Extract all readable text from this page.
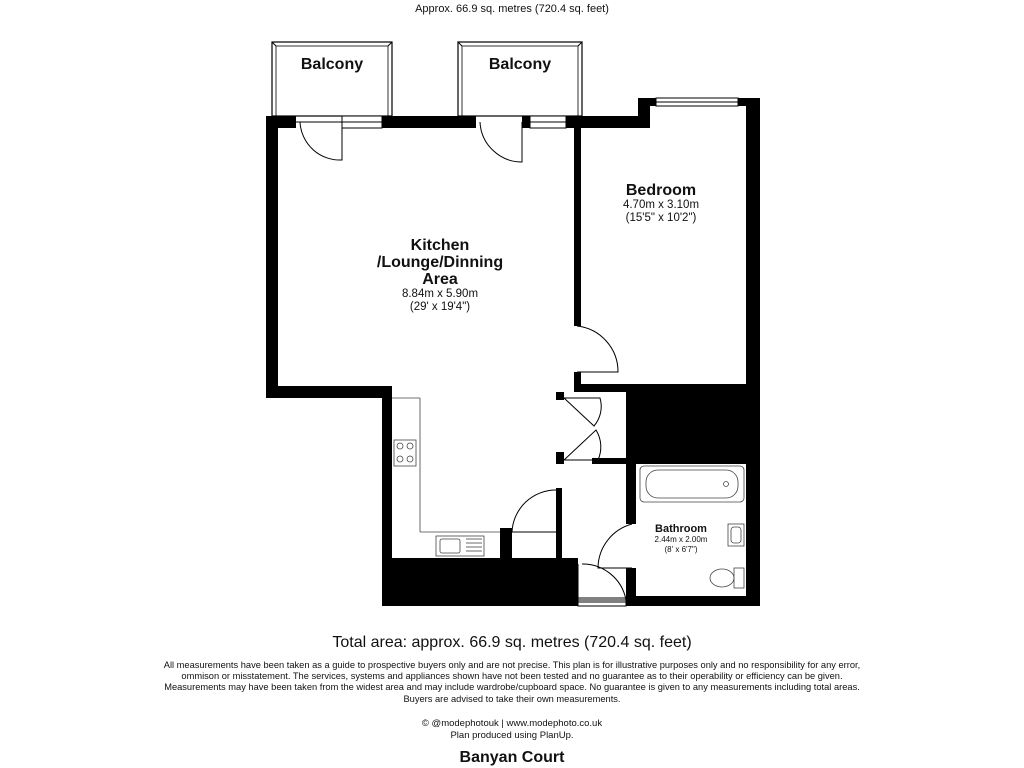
Approx. 66.9 sq. metres (720.4 sq. feet)
Balcony	Balcony
Kitchen
/Lounge/Dinning
Area
8.84m x 5.90m
(29' x 19'4")
Bedroom
4.70m x 3.10m
(15'5" x 10'2")
Bathroom
2.44m x 2.00m
(8' x 6'7")
Total area: approx. 66.9 sq. metres (720.4 sq. feet)
All measurements have been taken as a guide to prospective buyers only and are not precise. This plan is for illustrative purposes only and no responsibility for any error, ommison or misstatement. The services, systems and appliances shown have not been tested and no guarantee as to their operability or efficiency can be given. Measurements may have been taken from the widest area and may include wardrobe/cupboard space. No guarantee is given to any measurements including total areas. Buyers are advised to take their own measurements.
© @modephotouk | www.modephoto.co.uk
Plan produced using PlanUp.
Banyan Court
